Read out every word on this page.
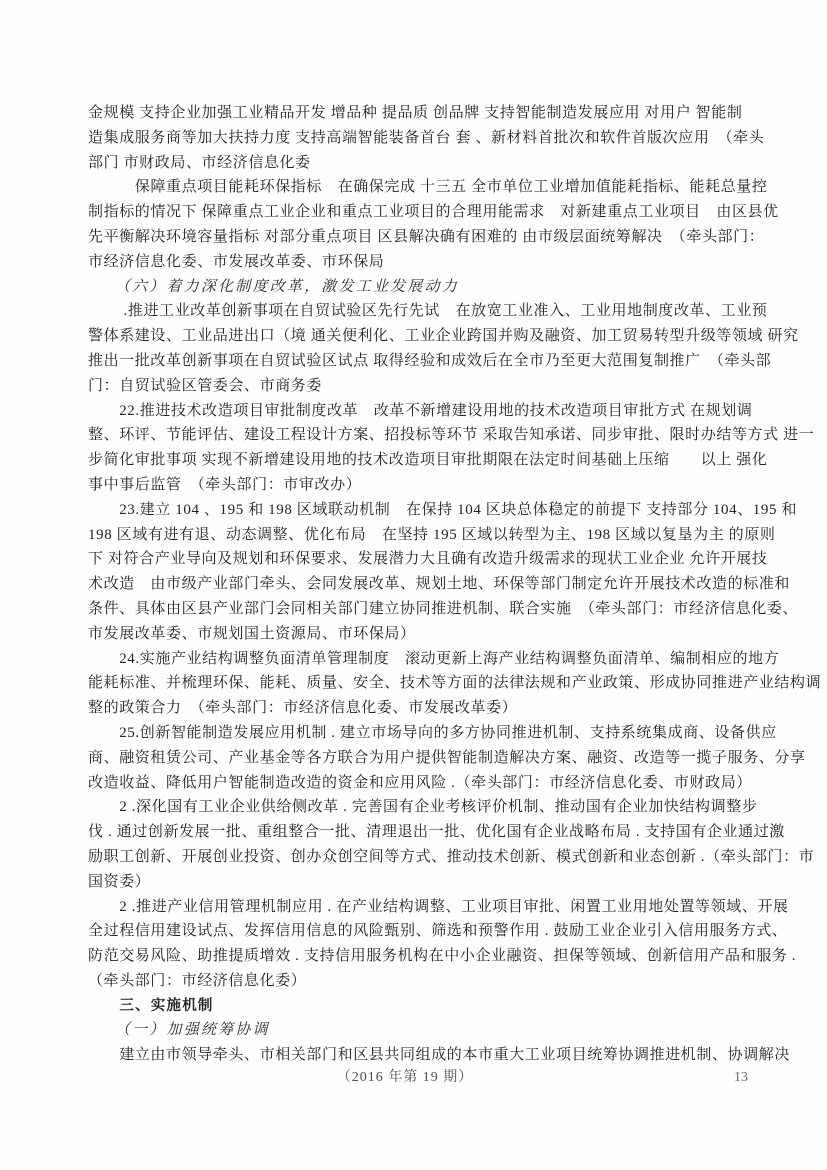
金规模 支持企业加强工业精品开发 增品种 提品质 创品牌 支持智能制造发展应用 对用户 智能制
造集成服务商等加大扶持力度 支持高端智能装备首台 套 、新材料首批次和软件首版次应用　（牵头
部门 市财政局、市经济信息化委
　　　保障重点项目能耗环保指标　在确保完成 十三五 全市单位工业增加值能耗指标、能耗总量控
制指标的情况下 保障重点工业企业和重点工业项目的合理用能需求　对新建重点工业项目　由区县优
先平衡解决环境容量指标 对部分重点项目 区县解决确有困难的 由市级层面统筹解决　（牵头部门：
市经济信息化委、市发展改革委、市环保局
　　（六）着力深化制度改革，激发工业发展动力
　　 .推进工业改革创新事项在自贸试验区先行先试　在放宽工业准入、工业用地制度改革、工业预
警体系建设、工业品进出口（境 通关便利化、工业企业跨国并购及融资、加工贸易转型升级等领域 研究
推出一批改革创新事项在自贸试验区试点 取得经验和成效后在全市乃至更大范围复制推广　（牵头部
门：自贸试验区管委会、市商务委
　　22.推进技术改造项目审批制度改革　改革不新增建设用地的技术改造项目审批方式 在规划调
整、环评、节能评估、建设工程设计方案、招投标等环节 采取告知承诺、同步审批、限时办结等方式 进一
步简化审批事项 实现不新增建设用地的技术改造项目审批期限在法定时间基础上压缩　　以上 强化
事中事后监管　（牵头部门：市审改办）
　　23.建立 104 、195 和 198 区域联动机制　在保持 104 区块总体稳定的前提下 支持部分 104、195 和
198 区域有进有退、动态调整、优化布局　在坚持 195 区域以转型为主、198 区域以复垦为主 的原则
下 对符合产业导向及规划和环保要求、发展潜力大且确有改造升级需求的现状工业企业 允许开展技
术改造　由市级产业部门牵头、会同发展改革、规划土地、环保等部门制定允许开展技术改造的标准和
条件、具体由区县产业部门会同相关部门建立协同推进机制、联合实施　（牵头部门：市经济信息化委、
市发展改革委、市规划国土资源局、市环保局）
　　24.实施产业结构调整负面清单管理制度　滚动更新上海产业结构调整负面清单、编制相应的地方
能耗标准、并梳理环保、能耗、质量、安全、技术等方面的法律法规和产业政策、形成协同推进产业结构调
整的政策合力　（牵头部门：市经济信息化委、市发展改革委）
　　25.创新智能制造发展应用机制 . 建立市场导向的多方协同推进机制、支持系统集成商、设备供应
商、融资租赁公司、产业基金等各方联合为用户提供智能制造解决方案、融资、改造等一揽子服务、分享
改造收益、降低用户智能制造改造的资金和应用风险 .（牵头部门：市经济信息化委、市财政局）
　　2 .深化国有工业企业供给侧改革 . 完善国有企业考核评价机制、推动国有企业加快结构调整步
伐 . 通过创新发展一批、重组整合一批、清理退出一批、优化国有企业战略布局 . 支持国有企业通过激
励职工创新、开展创业投资、创办众创空间等方式、推动技术创新、模式创新和业态创新 .（牵头部门：市
国资委）
　　2 .推进产业信用管理机制应用 . 在产业结构调整、工业项目审批、闲置工业用地处置等领域、开展
全过程信用建设试点、发挥信用信息的风险甄别、筛选和预警作用 . 鼓励工业企业引入信用服务方式、
防范交易风险、助推提质增效 . 支持信用服务机构在中小企业融资、担保等领域、创新信用产品和服务 .
（牵头部门：市经济信息化委）
　　三、实施机制
　　（一）加强统筹协调
　　建立由市领导牵头、市相关部门和区县共同组成的本市重大工业项目统筹协调推进机制、协调解决
（2016 年第 19 期）	13
